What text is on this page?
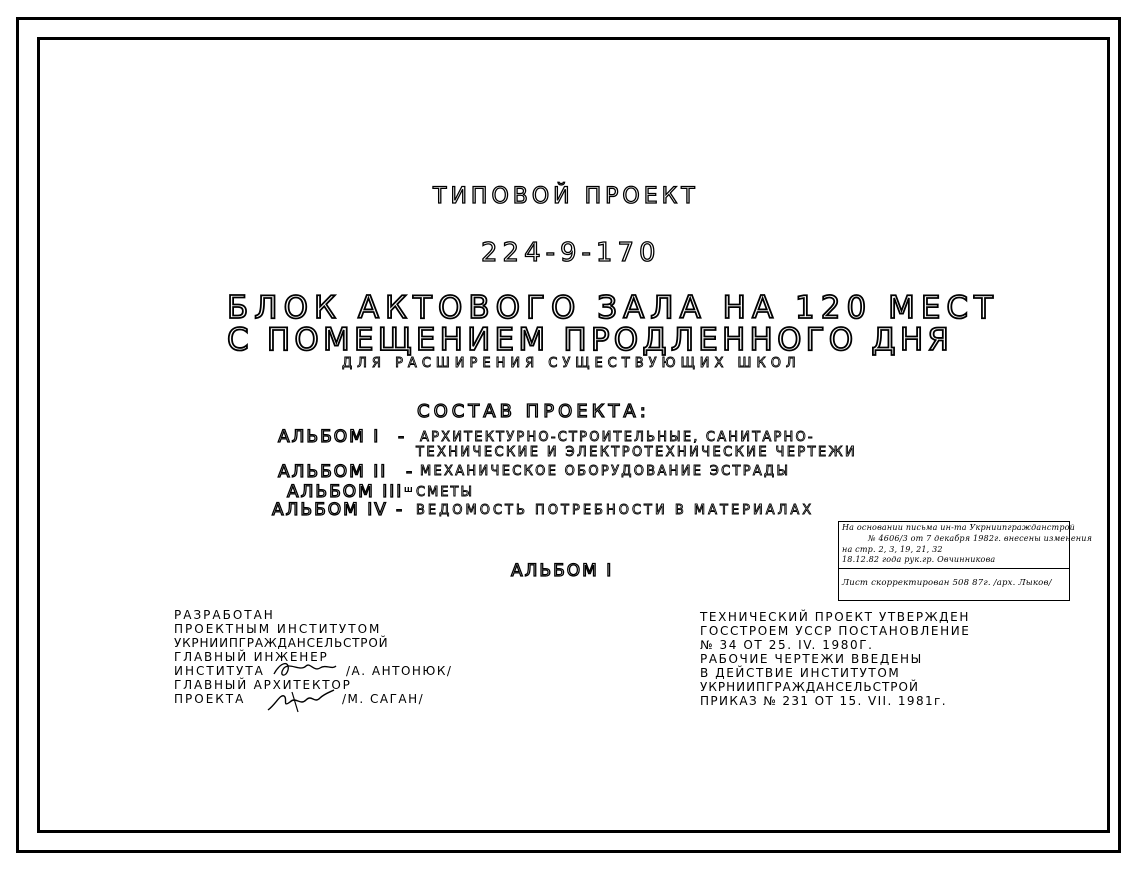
ТИПОВОЙ ПРОЕКТ
224-9-170
БЛОК АКТОВОГО ЗАЛА НА 120 МЕСТ
С ПОМЕЩЕНИЕМ ПРОДЛЕННОГО ДНЯ
ДЛЯ РАСШИРЕНИЯ СУЩЕСТВУЮЩИХ ШКОЛ
СОСТАВ ПРОЕКТА:
АЛЬБОМ I - АРХИТЕКТУРНО-СТРОИТЕЛЬНЫЕ, САНИТАРНО-
ТЕХНИЧЕСКИЕ И ЭЛЕКТРОТЕХНИЧЕСКИЕ ЧЕРТЕЖИ
АЛЬБОМ II - МЕХАНИЧЕСКОЕ ОБОРУДОВАНИЕ ЭСТРАДЫ
АЛЬБОМ III Ш СМЕТЫ
АЛЬБОМ IV - ВЕДОМОСТЬ ПОТРЕБНОСТИ В МАТЕРИАЛАХ
АЛЬБОМ I
На основании письма ин-та Укрниипгражданстрой
№ 4606/3 от 7 декабря 1982г. внесены изменения
на стр. 2, 3, 19, 21, 32
18.12.82 года рук.гр. Овчинникова
Лист скорректирован 508 87г. /арх. Лыков/
РАЗРАБОТАН
ПРОЕКТНЫМ ИНСТИТУТОМ
УКРНИИПГРАЖДАНСЕЛЬСТРОЙ
ГЛАВНЫЙ ИНЖЕНЕР
ИНСТИТУТА	/А. АНТОНЮК/
ГЛАВНЫЙ АРХИТЕКТОР
ПРОЕКТА	/М. САГАН/
ТЕХНИЧЕСКИЙ ПРОЕКТ УТВЕРЖДЕН
ГОССТРОЕМ УССР ПОСТАНОВЛЕНИЕ
№ 34 ОТ 25. IV. 1980Г.
РАБОЧИЕ ЧЕРТЕЖИ ВВЕДЕНЫ
В ДЕЙСТВИЕ ИНСТИТУТОМ
УКРНИИПГРАЖДАНСЕЛЬСТРОЙ
ПРИКАЗ № 231 ОТ 15. VII. 1981г.
